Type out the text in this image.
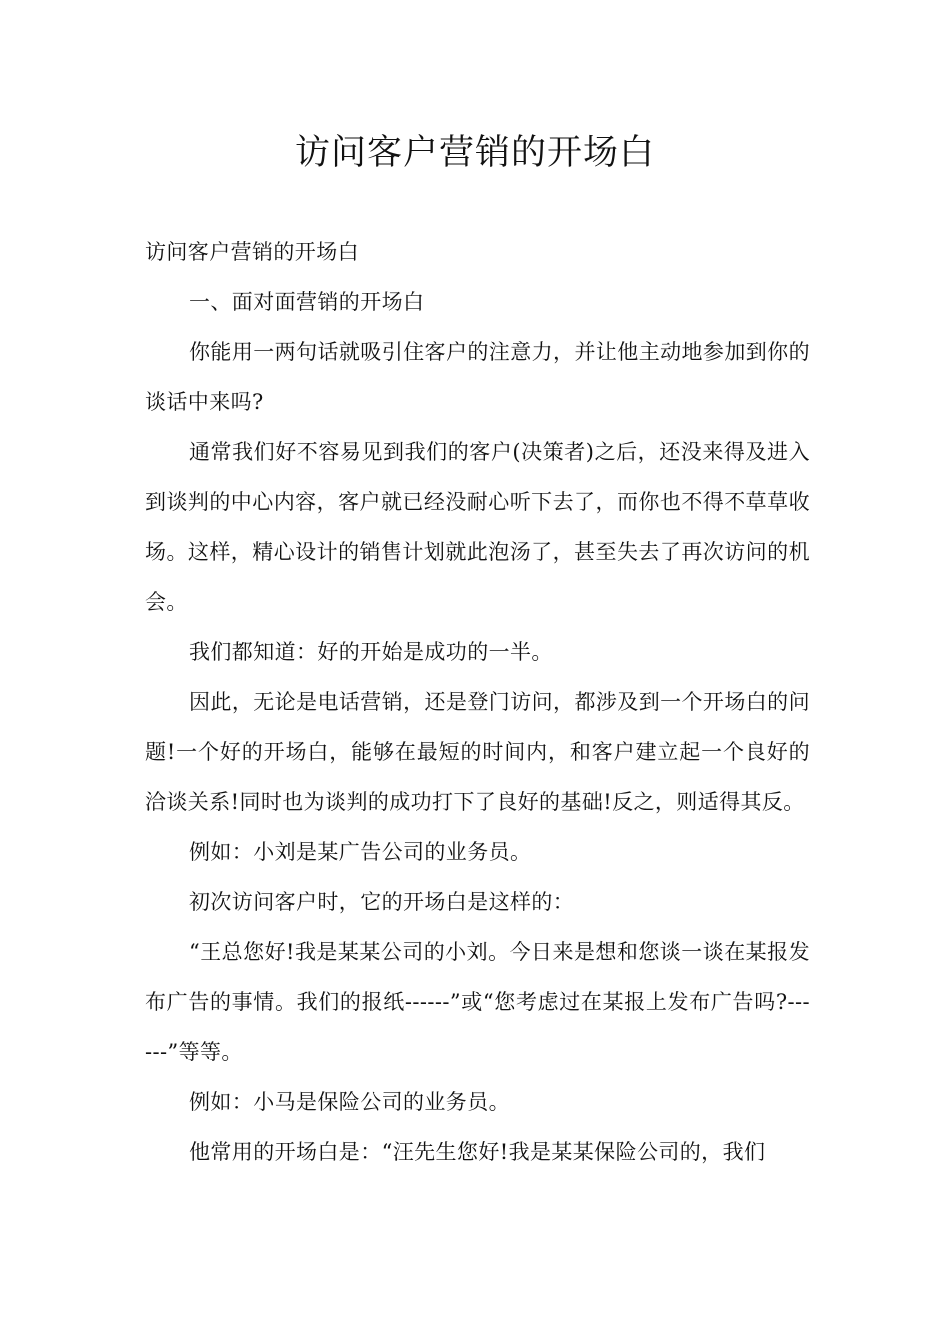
访问客户营销的开场白

访问客户营销的开场白

一、面对面营销的开场白

你能用一两句话就吸引住客户的注意力，并让他主动地参加到你的谈话中来吗?

通常我们好不容易见到我们的客户(决策者)之后，还没来得及进入到谈判的中心内容，客户就已经没耐心听下去了，而你也不得不草草收场。这样，精心设计的销售计划就此泡汤了，甚至失去了再次访问的机会。

我们都知道：好的开始是成功的一半。

因此，无论是电话营销，还是登门访问，都涉及到一个开场白的问题!一个好的开场白，能够在最短的时间内，和客户建立起一个良好的洽谈关系!同时也为谈判的成功打下了良好的基础!反之，则适得其反。

例如：小刘是某广告公司的业务员。

初次访问客户时，它的开场白是这样的：

“王总您好!我是某某公司的小刘。今日来是想和您谈一谈在某报发布广告的事情。我们的报纸------”或“您考虑过在某报上发布广告吗?------”等等。

例如：小马是保险公司的业务员。

他常用的开场白是：“汪先生您好!我是某某保险公司的，我们
